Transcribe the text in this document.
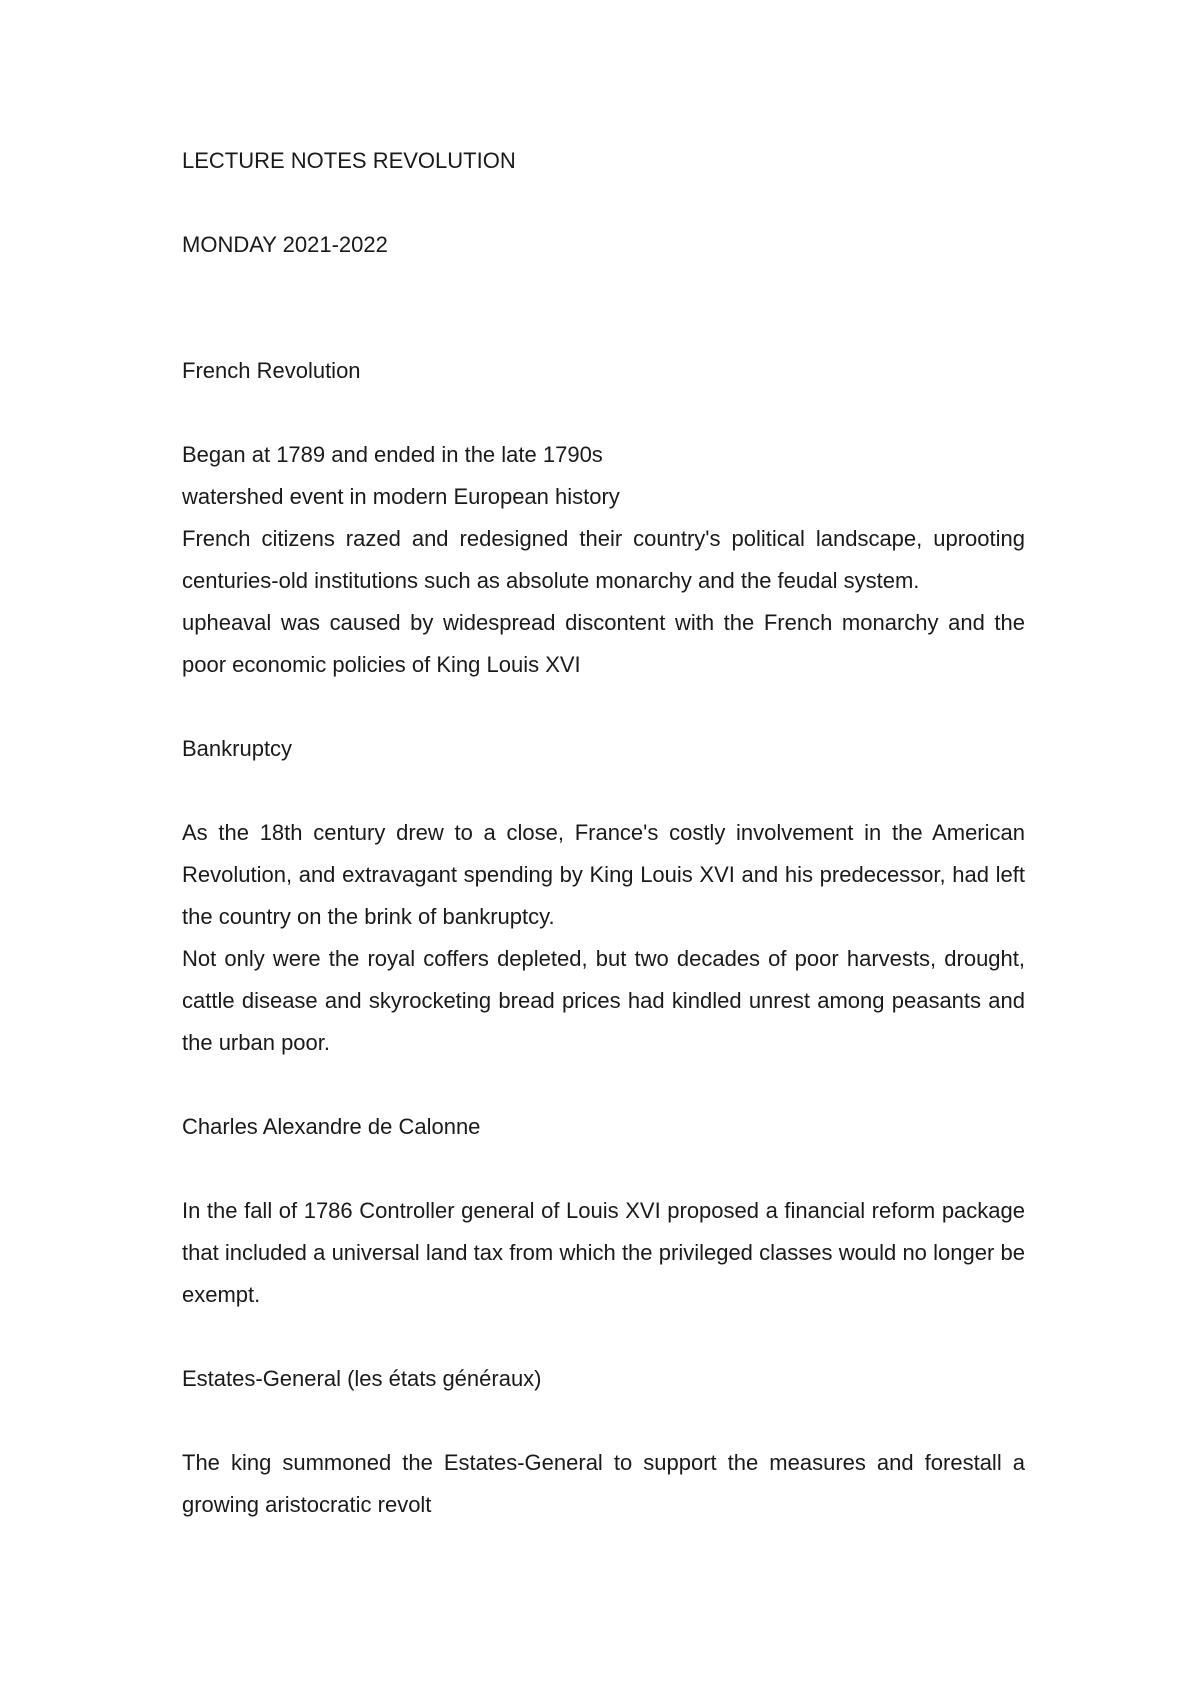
LECTURE NOTES REVOLUTION

MONDAY 2021-2022

French Revolution

Began at 1789 and ended in the late 1790s

watershed event in modern European history

French citizens razed and redesigned their country's political landscape, uprooting centuries-old institutions such as absolute monarchy and the feudal system.

upheaval was caused by widespread discontent with the French monarchy and the poor economic policies of King Louis XVI

Bankruptcy

As the 18th century drew to a close, France's costly involvement in the American Revolution, and extravagant spending by King Louis XVI and his predecessor, had left the country on the brink of bankruptcy.

Not only were the royal coffers depleted, but two decades of poor harvests, drought, cattle disease and skyrocketing bread prices had kindled unrest among peasants and the urban poor.

Charles Alexandre de Calonne

In the fall of 1786 Controller general of Louis XVI proposed a financial reform package that included a universal land tax from which the privileged classes would no longer be exempt.

Estates-General (les états généraux)

The king summoned the Estates-General to support the measures and forestall a growing aristocratic revolt
